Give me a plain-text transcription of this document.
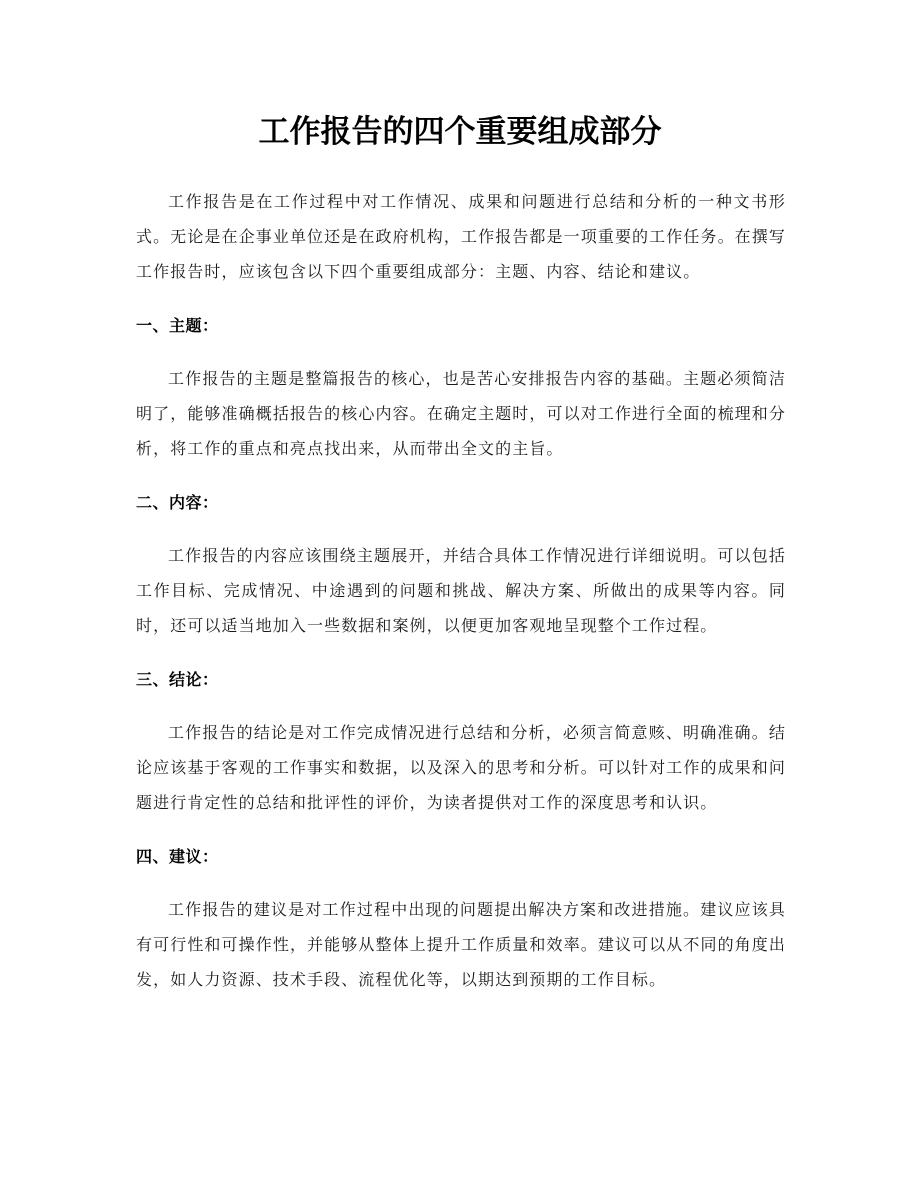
工作报告的四个重要组成部分

工作报告是在工作过程中对工作情况、成果和问题进行总结和分析的一种文书形式。无论是在企事业单位还是在政府机构，工作报告都是一项重要的工作任务。在撰写工作报告时，应该包含以下四个重要组成部分：主题、内容、结论和建议。

一、主题：

工作报告的主题是整篇报告的核心，也是苦心安排报告内容的基础。主题必须简洁明了，能够准确概括报告的核心内容。在确定主题时，可以对工作进行全面的梳理和分析，将工作的重点和亮点找出来，从而带出全文的主旨。

二、内容：

工作报告的内容应该围绕主题展开，并结合具体工作情况进行详细说明。可以包括工作目标、完成情况、中途遇到的问题和挑战、解决方案、所做出的成果等内容。同时，还可以适当地加入一些数据和案例，以便更加客观地呈现整个工作过程。

三、结论：

工作报告的结论是对工作完成情况进行总结和分析，必须言简意赅、明确准确。结论应该基于客观的工作事实和数据，以及深入的思考和分析。可以针对工作的成果和问题进行肯定性的总结和批评性的评价，为读者提供对工作的深度思考和认识。

四、建议：

工作报告的建议是对工作过程中出现的问题提出解决方案和改进措施。建议应该具有可行性和可操作性，并能够从整体上提升工作质量和效率。建议可以从不同的角度出发，如人力资源、技术手段、流程优化等，以期达到预期的工作目标。
